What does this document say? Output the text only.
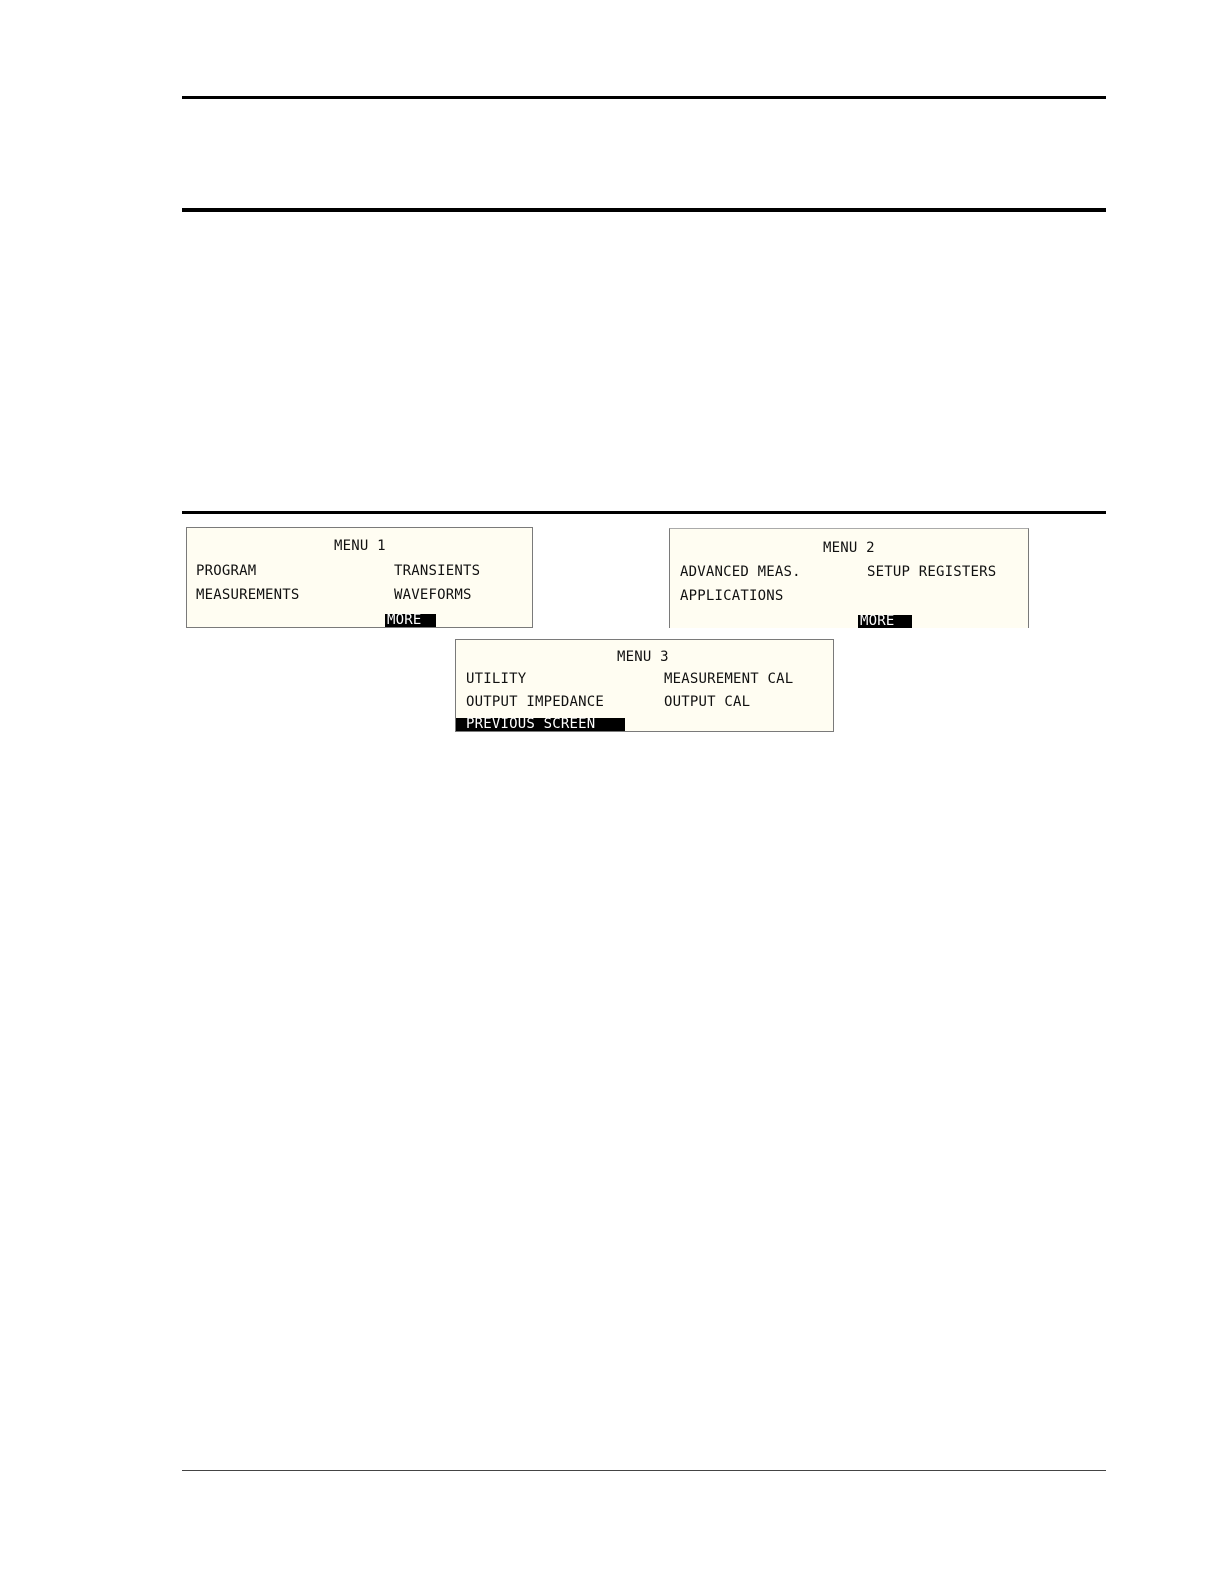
MENU 1
PROGRAM	TRANSIENTS
MEASUREMENTS	WAVEFORMS
MORE
MENU 2
ADVANCED MEAS.	SETUP REGISTERS
APPLICATIONS
MORE
MENU 3
UTILITY	MEASUREMENT CAL
OUTPUT IMPEDANCE	OUTPUT CAL
PREVIOUS SCREEN
